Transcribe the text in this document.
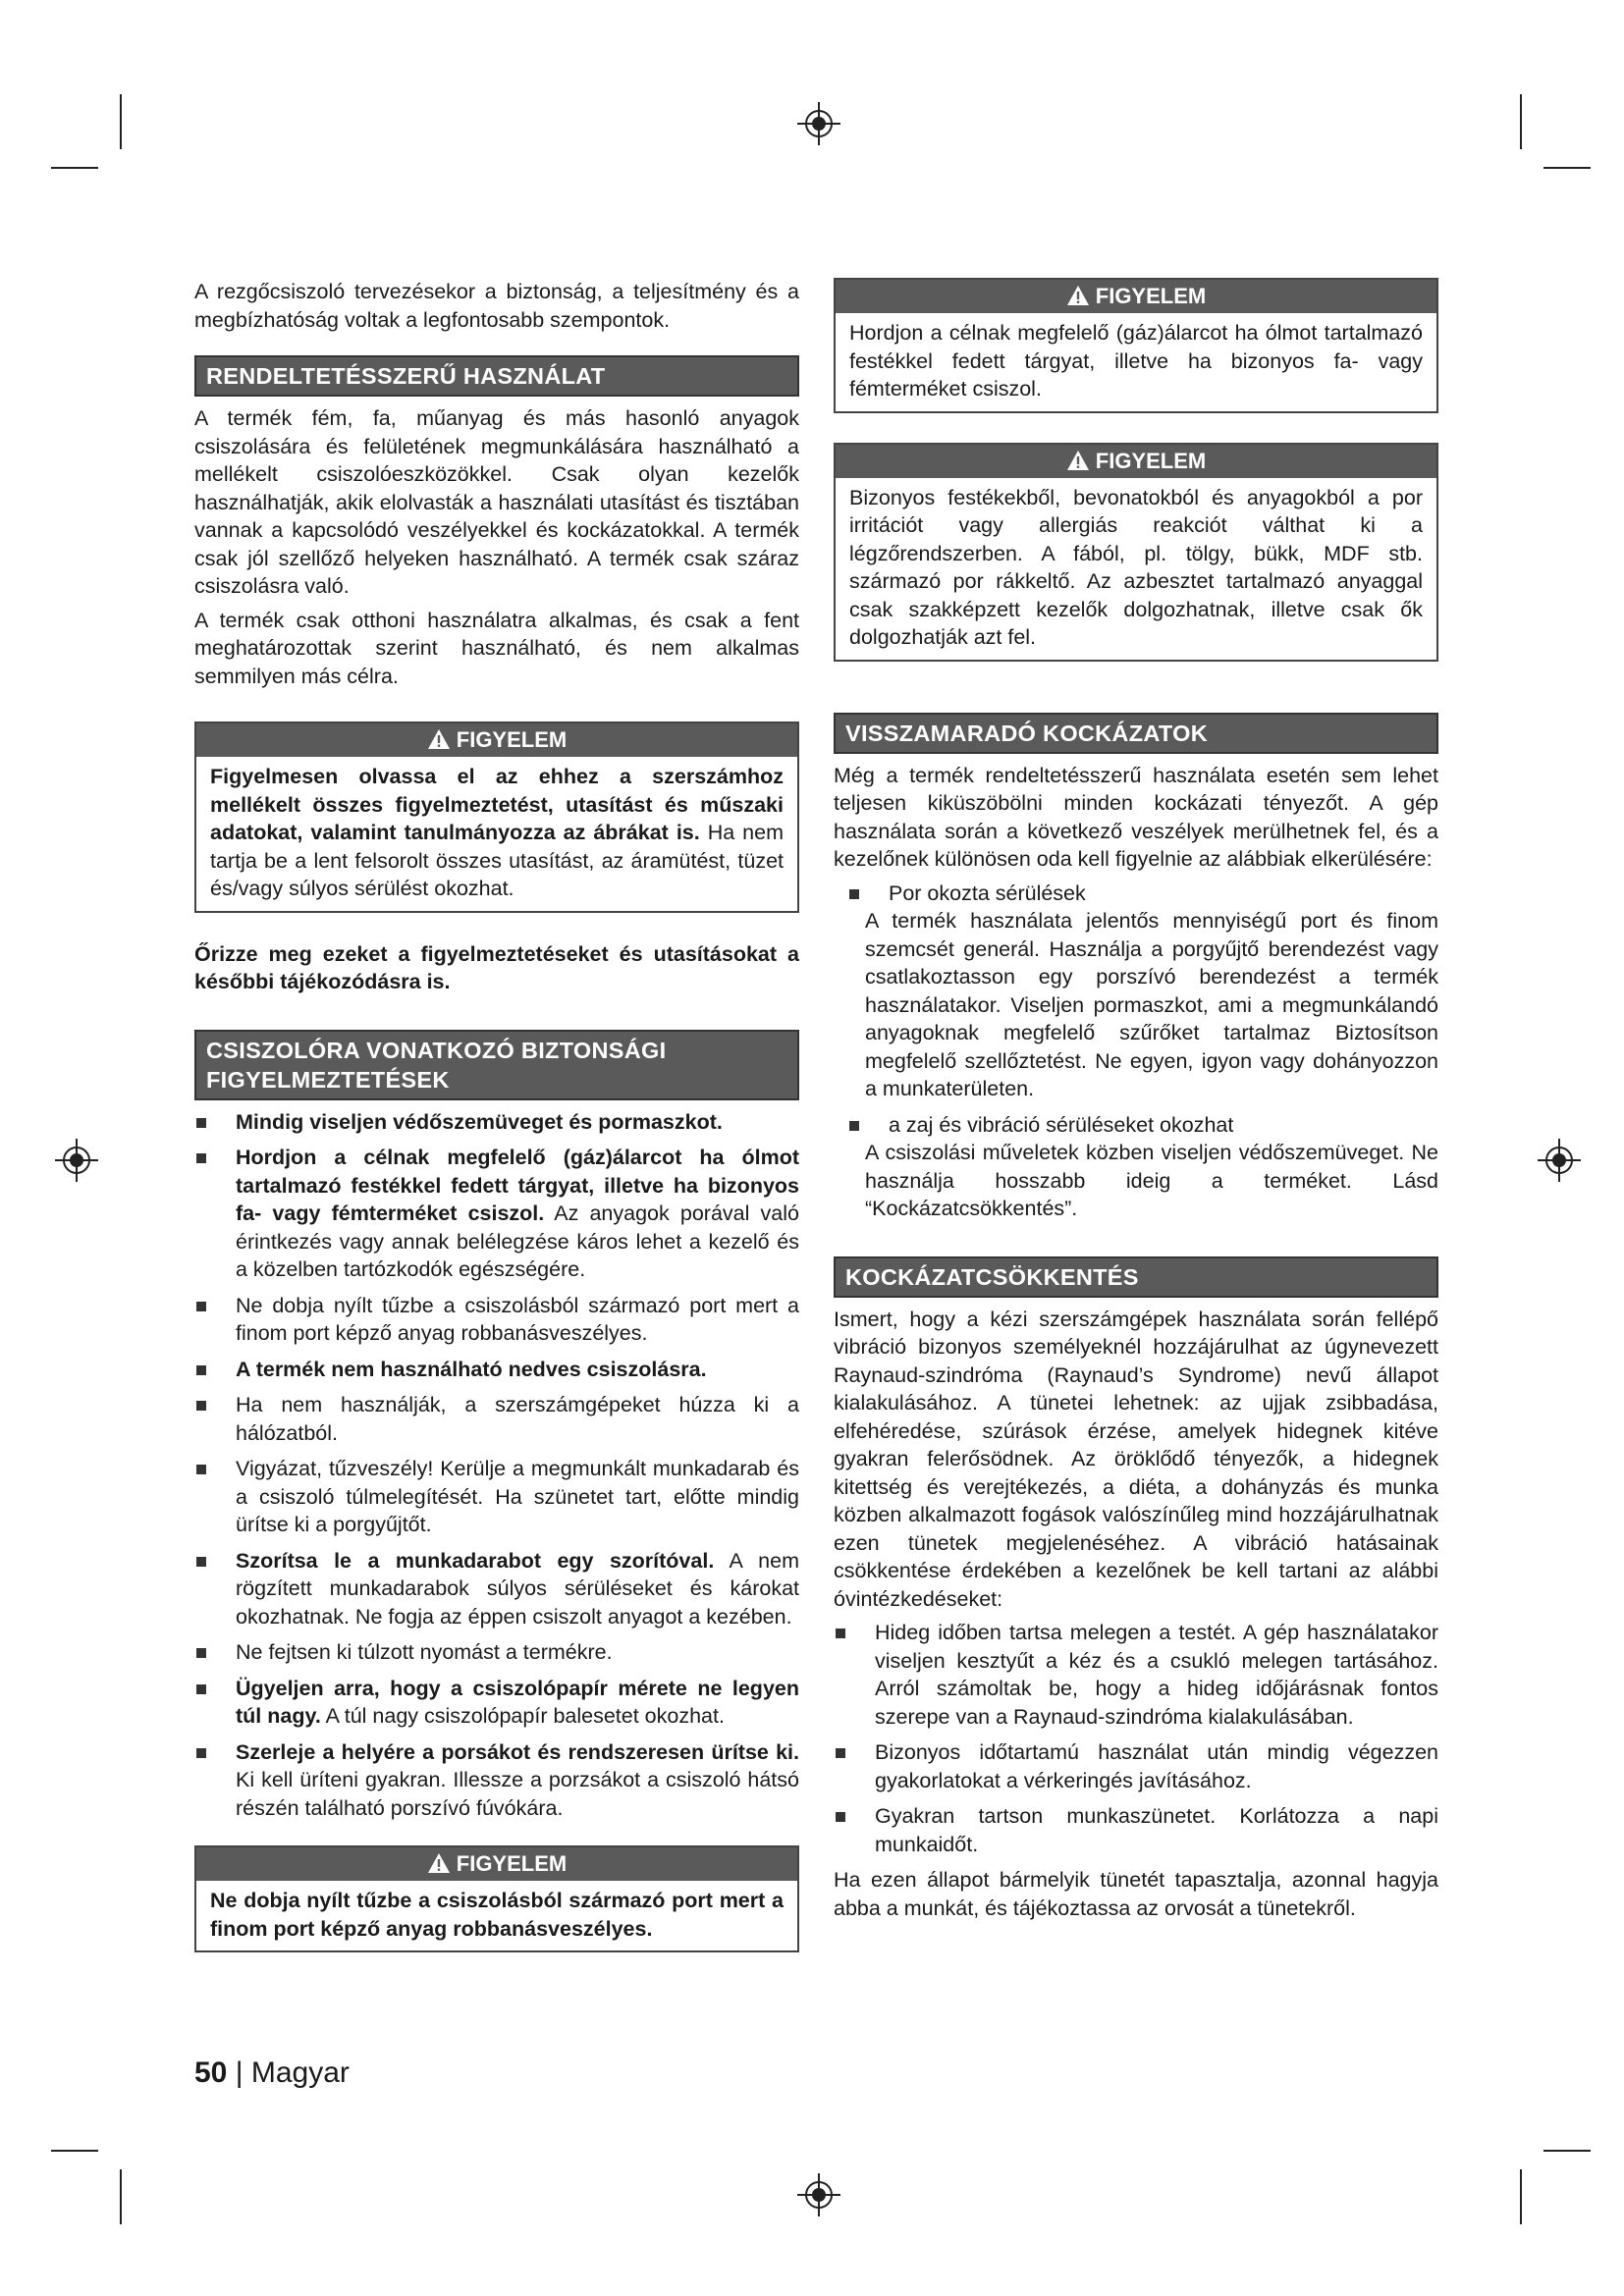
A rezgőcsiszoló tervezésekor a biztonság, a teljesítmény és a megbízhatóság voltak a legfontosabb szempontok.

RENDELTETÉSSZERŰ HASZNÁLAT

A termék fém, fa, műanyag és más hasonló anyagok csiszolására és felületének megmunkálására használható a mellékelt csiszolóeszközökkel. Csak olyan kezelők használhatják, akik elolvasták a használati utasítást és tisztában vannak a kapcsolódó veszélyekkel és kockázatokkal. A termék csak jól szellőző helyeken használható. A termék csak száraz csiszolásra való.

A termék csak otthoni használatra alkalmas, és csak a fent meghatározottak szerint használható, és nem alkalmas semmilyen más célra.

FIGYELEM
Figyelmesen olvassa el az ehhez a szerszámhoz mellékelt összes figyelmeztetést, utasítást és műszaki adatokat, valamint tanulmányozza az ábrákat is. Ha nem tartja be a lent felsorolt összes utasítást, az áramütést, tüzet és/vagy súlyos sérülést okozhat.

Őrizze meg ezeket a figyelmeztetéseket és utasításokat a későbbi tájékozódásra is.

CSISZOLÓRA VONATKOZÓ BIZTONSÁGI FIGYELMEZTETÉSEK
Mindig viseljen védőszemüveget és pormaszkot.
Hordjon a célnak megfelelő (gáz)álarcot ha ólmot tartalmazó festékkel fedett tárgyat, illetve ha bizonyos fa- vagy fémterméket csiszol. Az anyagok porával való érintkezés vagy annak belélegzése káros lehet a kezelő és a közelben tartózkodók egészségére.
Ne dobja nyílt tűzbe a csiszolásból származó port mert a finom port képző anyag robbanásveszélyes.
A termék nem használható nedves csiszolásra.
Ha nem használják, a szerszámgépeket húzza ki a hálózatból.
Vigyázat, tűzveszély! Kerülje a megmunkált munkadarab és a csiszoló túlmelegítését. Ha szünetet tart, előtte mindig ürítse ki a porgyűjtőt.
Szorítsa le a munkadarabot egy szorítóval. A nem rögzített munkadarabok súlyos sérüléseket és károkat okozhatnak. Ne fogja az éppen csiszolt anyagot a kezében.
Ne fejtsen ki túlzott nyomást a termékre.
Ügyeljen arra, hogy a csiszolópapír mérete ne legyen túl nagy. A túl nagy csiszolópapír balesetet okozhat.
Szerleje a helyére a porsákot és rendszeresen ürítse ki. Ki kell üríteni gyakran. Illessze a porzsákot a csiszoló hátsó részén található porszívó fúvókára.
FIGYELEM
Ne dobja nyílt tűzbe a csiszolásból származó port mert a finom port képző anyag robbanásveszélyes.
FIGYELEM
Hordjon a célnak megfelelő (gáz)álarcot ha ólmot tartalmazó festékkel fedett tárgyat, illetve ha bizonyos fa- vagy fémterméket csiszol.
FIGYELEM
Bizonyos festékekből, bevonatokból és anyagokból a por irritációt vagy allergiás reakciót válthat ki a légzőrendszerben. A fából, pl. tölgy, bükk, MDF stb. származó por rákkeltő. Az azbesztet tartalmazó anyaggal csak szakképzett kezelők dolgozhatnak, illetve csak ők dolgozhatják azt fel.
VISSZAMARADÓ KOCKÁZATOK

Még a termék rendeltetésszerű használata esetén sem lehet teljesen kiküszöbölni minden kockázati tényezőt. A gép használata során a következő veszélyek merülhetnek fel, és a kezelőnek különösen oda kell figyelnie az alábbiak elkerülésére:

Por okozta sérülések
A termék használata jelentős mennyiségű port és finom szemcsét generál. Használja a porgyűjtő berendezést vagy csatlakoztasson egy porszívó berendezést a termék használatakor. Viseljen pormaszkot, ami a megmunkálandó anyagoknak megfelelő szűrőket tartalmaz Biztosítson megfelelő szellőztetést. Ne egyen, igyon vagy dohányozzon a munkaterületen.
a zaj és vibráció sérüléseket okozhat
A csiszolási műveletek közben viseljen védőszemüveget. Ne használja hosszabb ideig a terméket. Lásd “Kockázatcsökkentés”.
KOCKÁZATCSÖKKENTÉS

Ismert, hogy a kézi szerszámgépek használata során fellépő vibráció bizonyos személyeknél hozzájárulhat az úgynevezett Raynaud-szindróma (Raynaud’s Syndrome) nevű állapot kialakulásához. A tünetei lehetnek: az ujjak zsibbadása, elfehéredése, szúrások érzése, amelyek hidegnek kitéve gyakran felerősödnek. Az öröklődő tényezők, a hidegnek kitettség és verejtékezés, a diéta, a dohányzás és munka közben alkalmazott fogások valószínűleg mind hozzájárulhatnak ezen tünetek megjelenéséhez. A vibráció hatásainak csökkentése érdekében a kezelőnek be kell tartani az alábbi óvintézkedéseket:

Hideg időben tartsa melegen a testét. A gép használatakor viseljen kesztyűt a kéz és a csukló melegen tartásához. Arról számoltak be, hogy a hideg időjárásnak fontos szerepe van a Raynaud-szindróma kialakulásában.
Bizonyos időtartamú használat után mindig végezzen gyakorlatokat a vérkeringés javításához.
Gyakran tartson munkaszünetet. Korlátozza a napi munkaidőt.

Ha ezen állapot bármelyik tünetét tapasztalja, azonnal hagyja abba a munkát, és tájékoztassa az orvosát a tünetekről.

50 | Magyar
